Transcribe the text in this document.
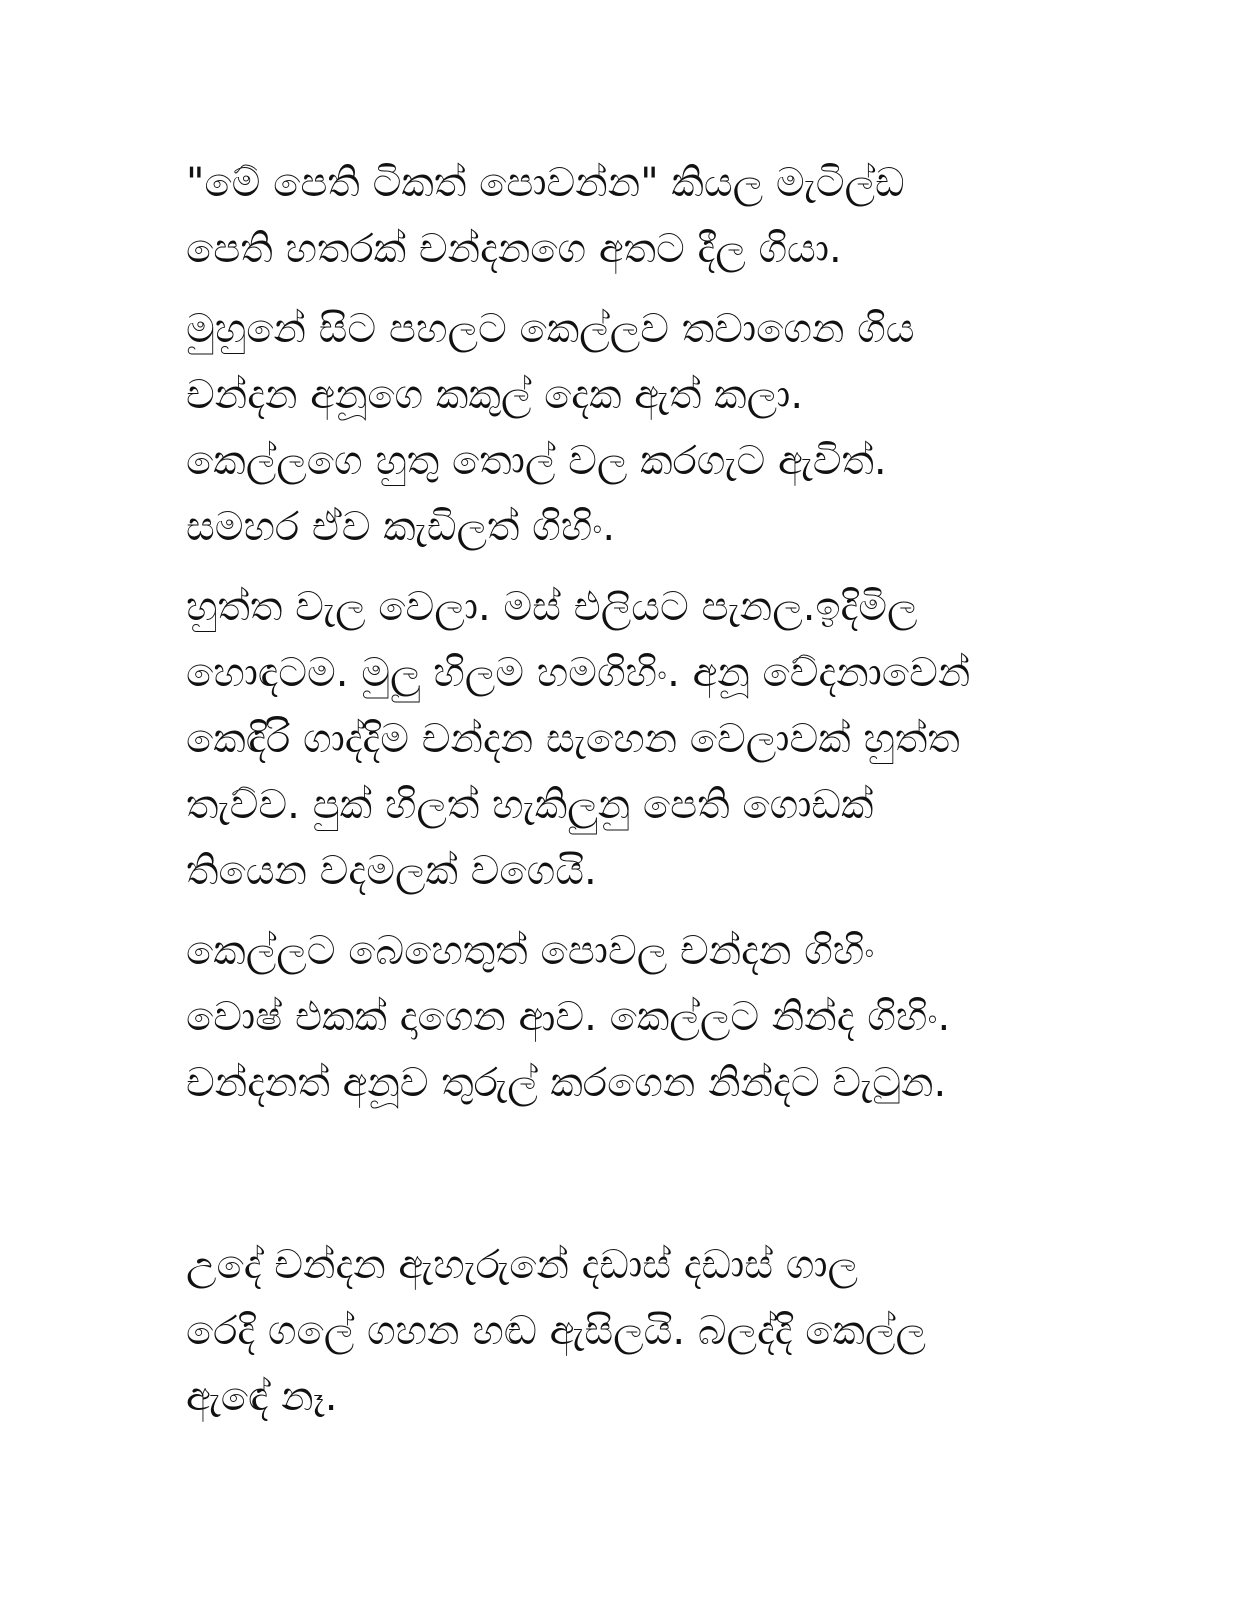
"මේ පෙති ටිකත් පොවන්න" කියල මැටිල්ඩ
පෙති හතරක් චන්දනගෙ අතට දීල ගියා.

මුහුනේ සිට පහලට කෙල්ලව තවාගෙන ගිය
චන්දන අනූගෙ කකුල් දෙක ඇත් කලා.
කෙල්ලගෙ හුතු තොල් වල කරගැට ඇවිත්.
සමහර ඒව කැඩිලත් ගිහිං.

හුත්ත වැල වෙලා. මස් එලියට පැනල.ඉදිමිල
හොඳටම. මුලු හිලම හමගිහිං. අනූ වේදනාවෙන්
කෙඳිරි ගාද්දිම චන්දන සැහෙන වෙලාවක් හුත්ත
තැව්ව. පුක් හිලත් හැකිලුනු පෙති ගොඩක්
තියෙන වදමලක් වගෙයි.

කෙල්ලට බෙහෙතුත් පොවල චන්දන ගිහිං
වොෂ් එකක් දාගෙන ආව. කෙල්ලට නින්ද ගිහිං.
චන්දනත් අනූව තුරුල් කරගෙන නින්දට වැටුන.

උදේ චන්දන ඇහැරුනේ දඩාස් දඩාස් ගාල
රෙදි ගලේ ගහන හඬ ඇසිලයි. බලද්දි කෙල්ල
ඇඳේ නෑ.
